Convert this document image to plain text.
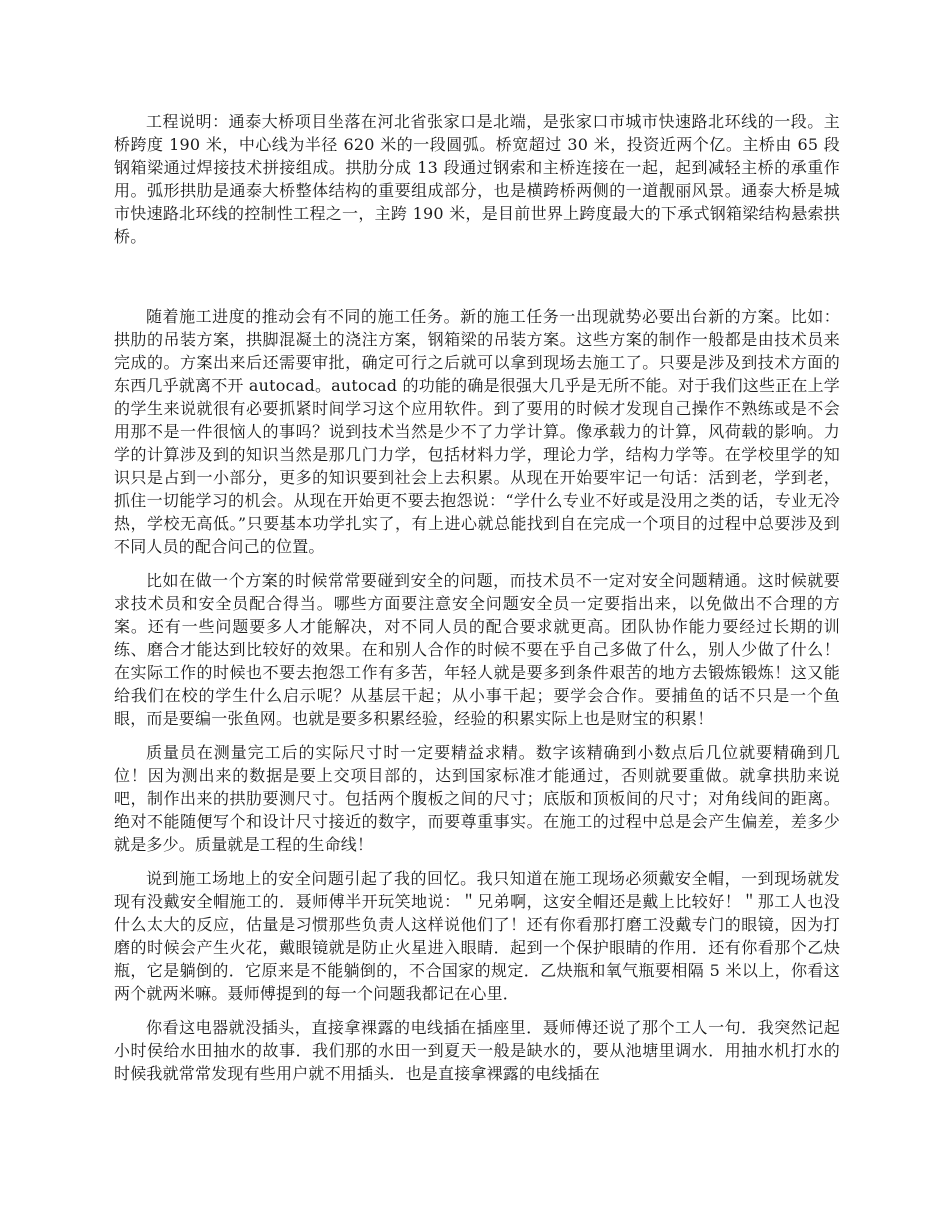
工程说明：通泰大桥项目坐落在河北省张家口是北端，是张家口市城市快速路北环线的一段。主桥跨度 190 米，中心线为半径 620 米的一段圆弧。桥宽超过 30 米，投资近两个亿。主桥由 65 段钢箱梁通过焊接技术拼接组成。拱肋分成 13 段通过钢索和主桥连接在一起，起到减轻主桥的承重作用。弧形拱肋是通泰大桥整体结构的重要组成部分，也是横跨桥两侧的一道靓丽风景。通泰大桥是城市快速路北环线的控制性工程之一，主跨 190 米，是目前世界上跨度最大的下承式钢箱梁结构悬索拱桥。

随着施工进度的推动会有不同的施工任务。新的施工任务一出现就势必要出台新的方案。比如：拱肋的吊装方案，拱脚混凝土的浇注方案，钢箱梁的吊装方案。这些方案的制作一般都是由技术员来完成的。方案出来后还需要审批，确定可行之后就可以拿到现场去施工了。只要是涉及到技术方面的东西几乎就离不开 autocad。autocad 的功能的确是很强大几乎是无所不能。对于我们这些正在上学的学生来说就很有必要抓紧时间学习这个应用软件。到了要用的时候才发现自己操作不熟练或是不会用那不是一件很恼人的事吗？说到技术当然是少不了力学计算。像承载力的计算，风荷载的影响。力学的计算涉及到的知识当然是那几门力学，包括材料力学，理论力学，结构力学等。在学校里学的知识只是占到一小部分，更多的知识要到社会上去积累。从现在开始要牢记一句话：活到老，学到老，抓住一切能学习的机会。从现在开始更不要去抱怨说：“学什么专业不好或是没用之类的话，专业无冷热，学校无高低。”只要基本功学扎实了，有上进心就总能找到自在完成一个项目的过程中总要涉及到不同人员的配合问己的位置。

比如在做一个方案的时候常常要碰到安全的问题，而技术员不一定对安全问题精通。这时候就要求技术员和安全员配合得当。哪些方面要注意安全问题安全员一定要指出来，以免做出不合理的方案。还有一些问题要多人才能解决，对不同人员的配合要求就更高。团队协作能力要经过长期的训练、磨合才能达到比较好的效果。在和别人合作的时候不要在乎自己多做了什么，别人少做了什么！在实际工作的时候也不要去抱怨工作有多苦，年轻人就是要多到条件艰苦的地方去锻炼锻炼！这又能给我们在校的学生什么启示呢？从基层干起；从小事干起；要学会合作。要捕鱼的话不只是一个鱼眼，而是要编一张鱼网。也就是要多积累经验，经验的积累实际上也是财宝的积累！

质量员在测量完工后的实际尺寸时一定要精益求精。数字该精确到小数点后几位就要精确到几位！因为测出来的数据是要上交项目部的，达到国家标准才能通过，否则就要重做。就拿拱肋来说吧，制作出来的拱肋要测尺寸。包括两个腹板之间的尺寸；底版和顶板间的尺寸；对角线间的距离。绝对不能随便写个和设计尺寸接近的数字，而要尊重事实。在施工的过程中总是会产生偏差，差多少就是多少。质量就是工程的生命线！

说到施工场地上的安全问题引起了我的回忆。我只知道在施工现场必须戴安全帽，一到现场就发现有没戴安全帽施工的．聂师傅半开玩笑地说：＂兄弟啊，这安全帽还是戴上比较好！＂那工人也没什么太大的反应，估量是习惯那些负责人这样说他们了！还有你看那打磨工没戴专门的眼镜，因为打磨的时候会产生火花，戴眼镜就是防止火星进入眼睛．起到一个保护眼睛的作用．还有你看那个乙炔瓶，它是躺倒的．它原来是不能躺倒的，不合国家的规定．乙炔瓶和氧气瓶要相隔 5 米以上，你看这两个就两米嘛。聂师傅提到的每一个问题我都记在心里．

你看这电器就没插头，直接拿裸露的电线插在插座里．聂师傅还说了那个工人一句．我突然记起小时侯给水田抽水的故事．我们那的水田一到夏天一般是缺水的，要从池塘里调水．用抽水机打水的时候我就常常发现有些用户就不用插头．也是直接拿裸露的电线插在
